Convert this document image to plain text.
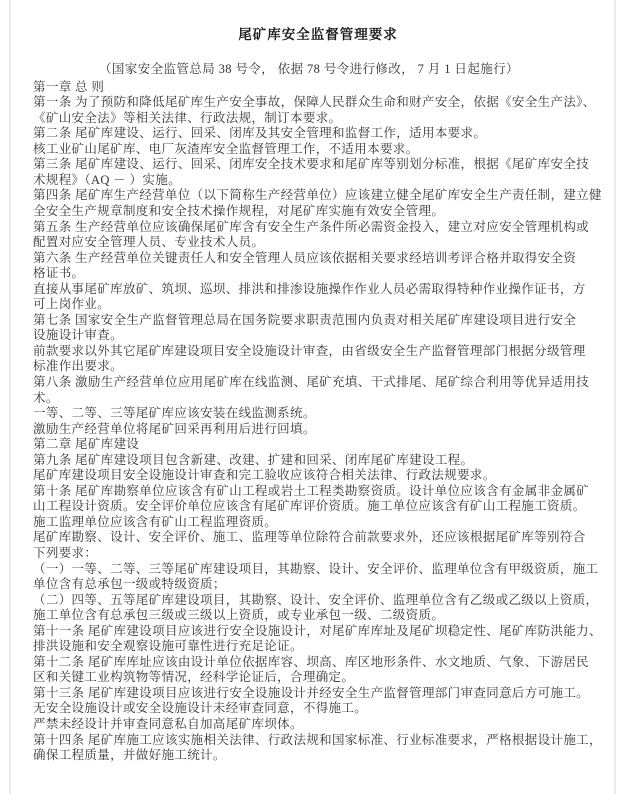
尾矿库安全监督管理要求

（国家安全监管总局 38 号令， 依据 78 号令进行修改， 7 月 1 日起施行）

第一章 总 则
第一条 为了预防和降低尾矿库生产安全事故，保障人民群众生命和财产安全，依据《安全生产法》、
《矿山安全法》等相关法律、行政法规，制订本要求。
第二条 尾矿库建设、运行、回采、闭库及其安全管理和监督工作，适用本要求。
核工业矿山尾矿库、电厂灰渣库安全监督管理工作，不适用本要求。
第三条 尾矿库建设、运行、回采、闭库安全技术要求和尾矿库等别划分标准，根据《尾矿库安全技
术规程》（AQ － ）实施。
第四条 尾矿库生产经营单位（以下简称生产经营单位）应该建立健全尾矿库安全生产责任制，建立健
全安全生产规章制度和安全技术操作规程，对尾矿库实施有效安全管理。
第五条 生产经营单位应该确保尾矿库含有安全生产条件所必需资金投入，建立对应安全管理机构或
配置对应安全管理人员、专业技术人员。
第六条 生产经营单位关键责任人和安全管理人员应该依据相关要求经培训考评合格并取得安全资
格证书。
直接从事尾矿库放矿、筑坝、巡坝、排洪和排渗设施操作作业人员必需取得特种作业操作证书，方
可上岗作业。
第七条 国家安全生产监督管理总局在国务院要求职责范围内负责对相关尾矿库建设项目进行安全
设施设计审查。
前款要求以外其它尾矿库建设项目安全设施设计审查，由省级安全生产监督管理部门根据分级管理
标准作出要求。
第八条 激励生产经营单位应用尾矿库在线监测、尾矿充填、干式排尾、尾矿综合利用等优异适用技
术。
一等、二等、三等尾矿库应该安装在线监测系统。
激励生产经营单位将尾矿回采再利用后进行回填。
第二章 尾矿库建设
第九条 尾矿库建设项目包含新建、改建、扩建和回采、闭库尾矿库建设工程。
尾矿库建设项目安全设施设计审查和完工验收应该符合相关法律、行政法规要求。
第十条 尾矿库勘察单位应该含有矿山工程或岩土工程类勘察资质。设计单位应该含有金属非金属矿
山工程设计资质。安全评价单位应该含有尾矿库评价资质。施工单位应该含有矿山工程施工资质。
施工监理单位应该含有矿山工程监理资质。
尾矿库勘察、设计、安全评价、施工、监理等单位除符合前款要求外，还应该根据尾矿库等别符合
下列要求：
（一）一等、二等、三等尾矿库建设项目，其勘察、设计、安全评价、监理单位含有甲级资质，施工
单位含有总承包一级或特级资质；
（二）四等、五等尾矿库建设项目，其勘察、设计、安全评价、监理单位含有乙级或乙级以上资质，
施工单位含有总承包三级或三级以上资质，或专业承包一级、二级资质。
第十一条 尾矿库建设项目应该进行安全设施设计，对尾矿库库址及尾矿坝稳定性、尾矿库防洪能力、
排洪设施和安全观察设施可靠性进行充足论证。
第十二条 尾矿库库址应该由设计单位依据库容、坝高、库区地形条件、水文地质、气象、下游居民
区和关键工业构筑物等情况，经科学论证后，合理确定。
第十三条 尾矿库建设项目应该进行安全设施设计并经安全生产监督管理部门审查同意后方可施工。
无安全设施设计或安全设施设计未经审查同意，不得施工。
严禁未经设计并审查同意私自加高尾矿库坝体。
第十四条 尾矿库施工应该实施相关法律、行政法规和国家标准、行业标准要求，严格根据设计施工，
确保工程质量，并做好施工统计。
